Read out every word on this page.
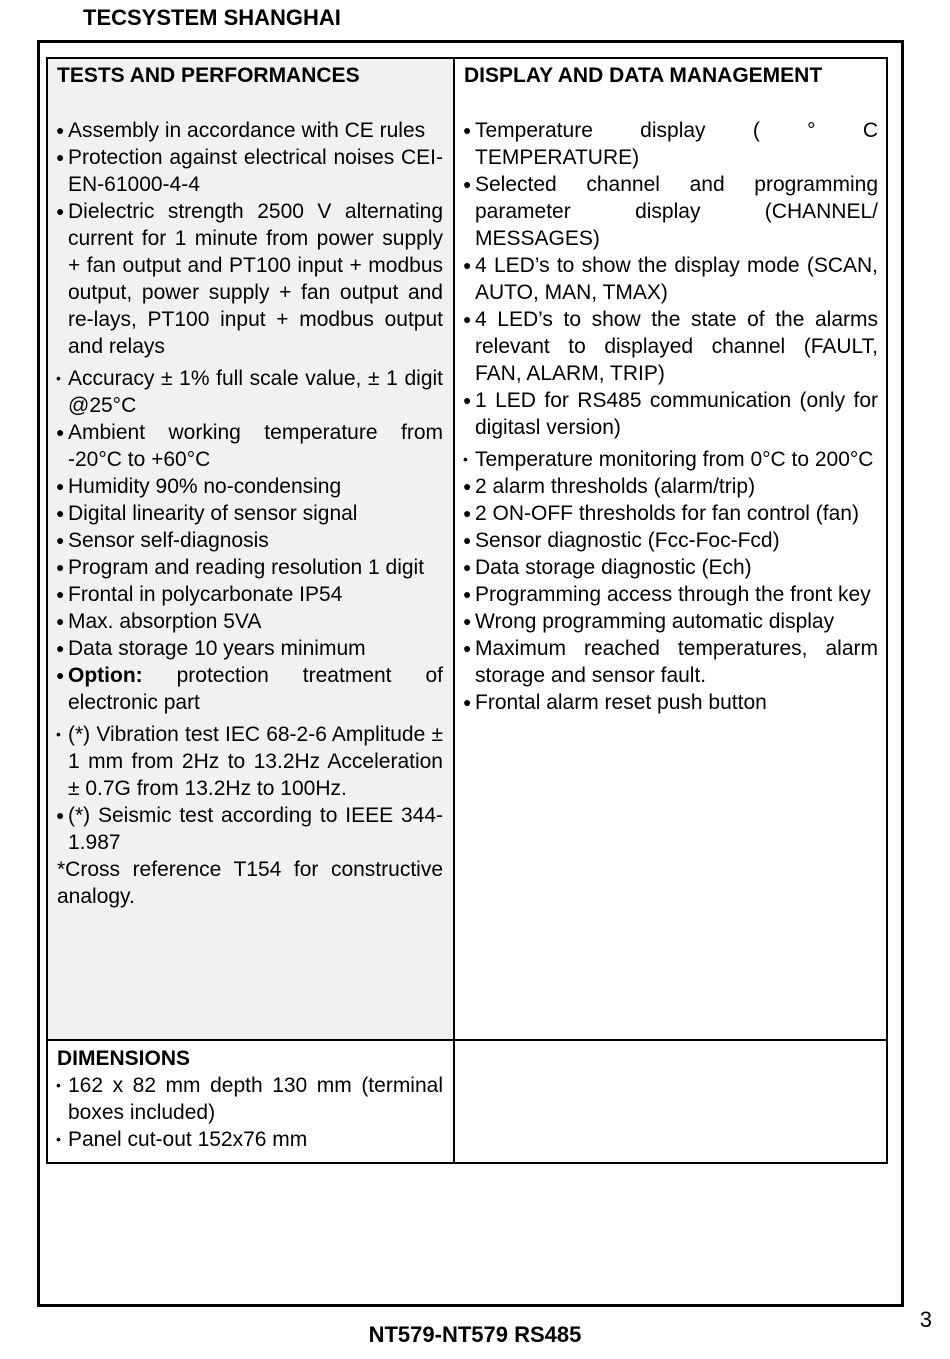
TECSYSTEM SHANGHAI
TESTS AND PERFORMANCES
● Assembly in accordance with CE rules
● Protection against electrical noises CEI-EN-61000-4-4
● Dielectric strength 2500 V alternating current for 1 minute from power supply + fan output and PT100 input + modbus output, power supply + fan output and re-lays, PT100 input + modbus output and relays
• Accuracy ± 1% full scale value, ± 1 digit @25°C
● Ambient working temperature from -20°C to +60°C
● Humidity 90% no-condensing
● Digital linearity of sensor signal
● Sensor self-diagnosis
● Program and reading resolution 1 digit
● Frontal in polycarbonate IP54
● Max. absorption 5VA
● Data storage 10 years minimum
● Option: protection treatment of electronic part
• (*) Vibration test IEC 68-2-6 Amplitude ± 1 mm from 2Hz to 13.2Hz Acceleration ± 0.7G from 13.2Hz to 100Hz.
● (*) Seismic test according to IEEE 344-1.987
*Cross reference T154 for constructive analogy.
DISPLAY AND DATA MANAGEMENT
● Temperature display ( ° C TEMPERATURE)
● Selected channel and programming parameter display (CHANNEL/ MESSAGES)
● 4 LED’s to show the display mode (SCAN, AUTO, MAN, TMAX)
● 4 LED’s to show the state of the alarms relevant to displayed channel (FAULT, FAN, ALARM, TRIP)
● 1 LED for RS485 communication (only for digitasl version)
• Temperature monitoring from 0°C to 200°C
● 2 alarm thresholds (alarm/trip)
● 2 ON-OFF thresholds for fan control (fan)
● Sensor diagnostic (Fcc-Foc-Fcd)
● Data storage diagnostic (Ech)
● Programming access through the front key
● Wrong programming automatic display
● Maximum reached temperatures, alarm storage and sensor fault.
● Frontal alarm reset push button
DIMENSIONS
• 162 x 82 mm depth 130 mm (terminal boxes included)
• Panel cut-out 152x76 mm
NT579-NT579 RS485
3
